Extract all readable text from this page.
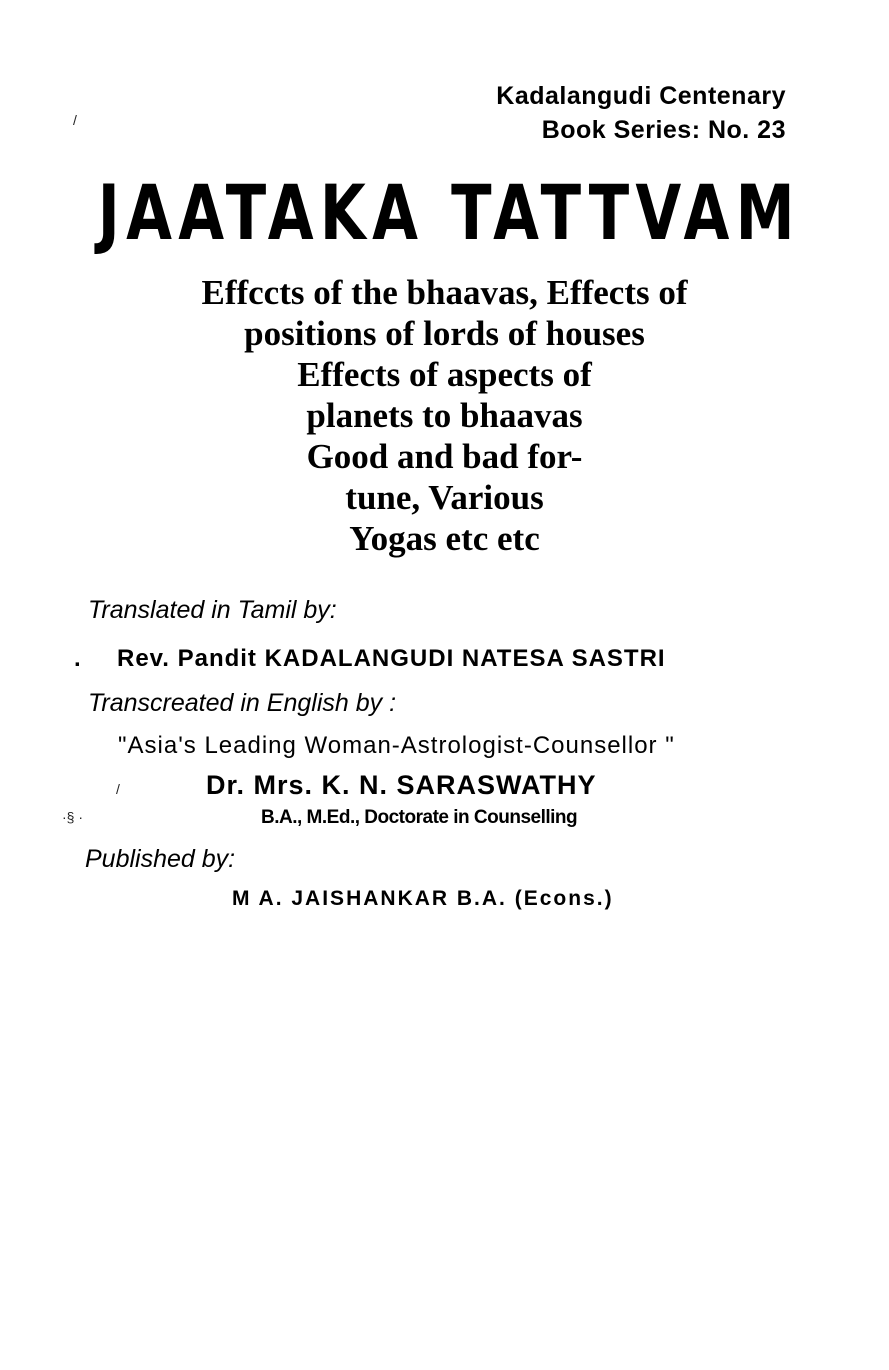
/
Kadalangudi Centenary
Book Series: No. 23
JAATAKA TATTVAM
Effccts of the bhaavas, Effects of
positions of lords of houses
Effects of aspects of
planets to bhaavas
Good and bad for-
tune, Various
Yogas etc etc
Translated in Tamil by:
. Rev. Pandit KADALANGUDI NATESA SASTRI
Transcreated in English by :
"Asia's Leading Woman-Astrologist-Counsellor "
/	Dr. Mrs. K. N. SARASWATHY
·§ ·	B.A., M.Ed., Doctorate in Counselling
Published by:
M A. JAISHANKAR B.A. (Econs.)
